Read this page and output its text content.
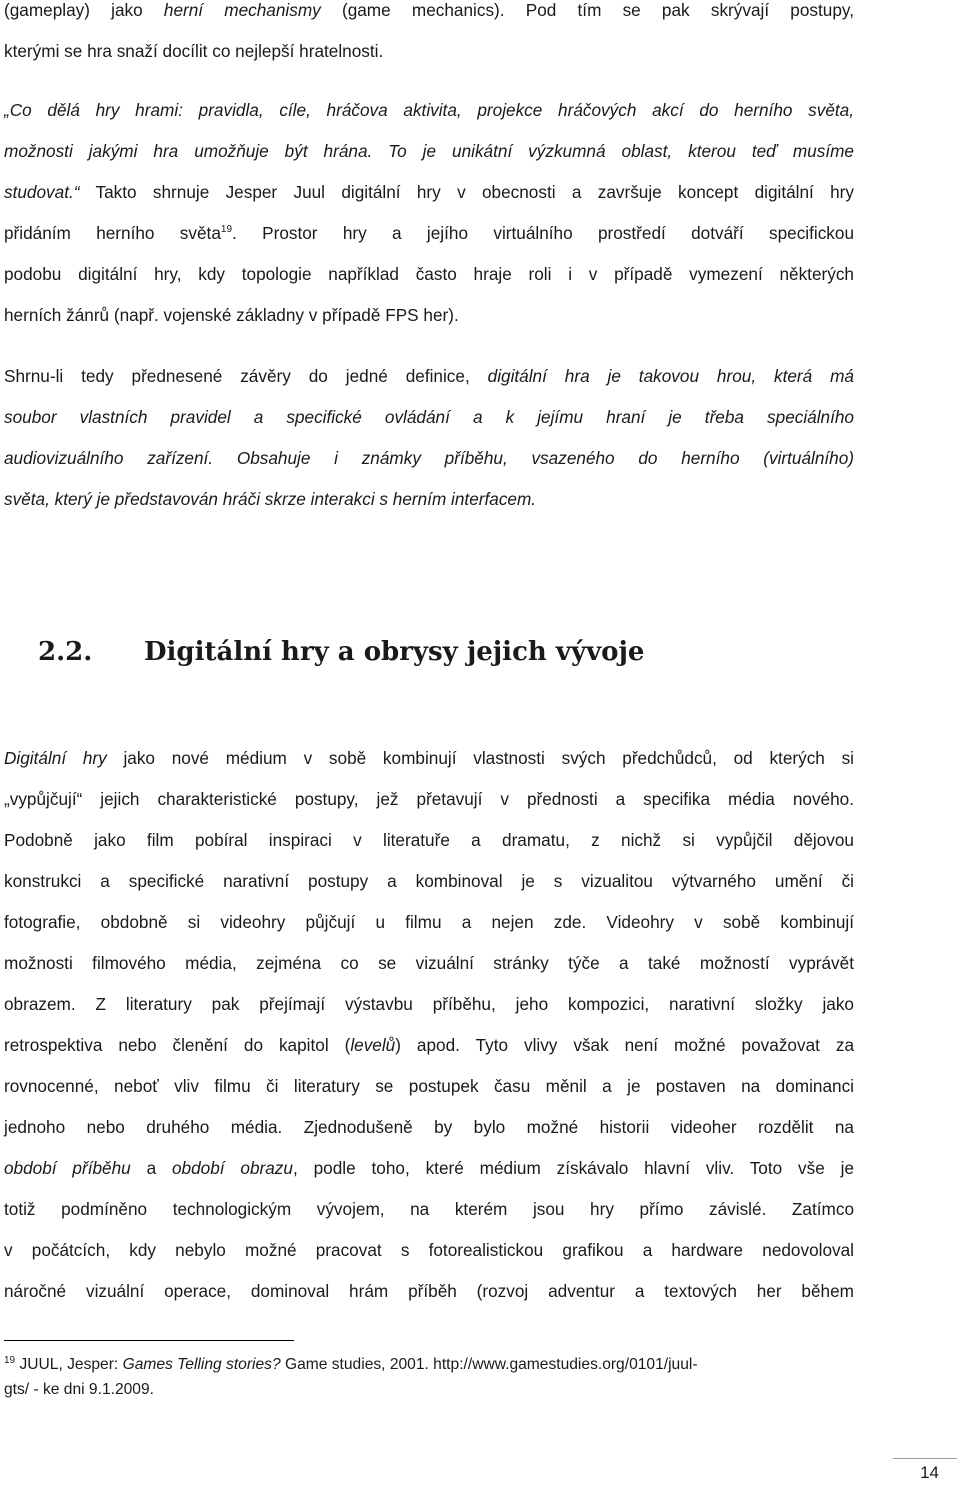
(gameplay) jako herní mechanismy (game mechanics). Pod tím se pak skrývají postupy,
kterými se hra snaží docílit co nejlepší hratelnosti.
„Co dělá hry hrami: pravidla, cíle, hráčova aktivita, projekce hráčových akcí do herního světa,
možnosti jakými hra umožňuje být hrána. To je unikátní výzkumná oblast, kterou teď musíme
studovat.“ Takto shrnuje Jesper Juul digitální hry v obecnosti a završuje koncept digitální hry
přidáním herního světa$^{19}$. Prostor hry a jejího virtuálního prostředí dotváří specifickou
podobu digitální hry, kdy topologie například často hraje roli i v případě vymezení některých
herních žánrů (např. vojenské základny v případě FPS her).
Shrnu-li tedy přednesené závěry do jedné definice, digitální hra je takovou hrou, která má
soubor vlastních pravidel a specifické ovládání a k jejímu hraní je třeba speciálního
audiovizuálního zařízení. Obsahuje i známky příběhu, vsazeného do herního (virtuálního)
světa, který je představován hráči skrze interakci s herním interfacem.
2.2. Digitální hry a obrysy jejich vývoje
Digitální hry jako nové médium v sobě kombinují vlastnosti svých předchůdců, od kterých si
„vypůjčují“ jejich charakteristické postupy, jež přetavují v přednosti a specifika média nového.
Podobně jako film pobíral inspiraci v literatuře a dramatu, z nichž si vypůjčil dějovou
konstrukci a specifické narativní postupy a kombinoval je s vizualitou výtvarného umění či
fotografie, obdobně si videohry půjčují u filmu a nejen zde. Videohry v sobě kombinují
možnosti filmového média, zejména co se vizuální stránky týče a také možností vyprávět
obrazem. Z literatury pak přejímají výstavbu příběhu, jeho kompozici, narativní složky jako
retrospektiva nebo členění do kapitol (levelů) apod. Tyto vlivy však není možné považovat za
rovnocenné, neboť vliv filmu či literatury se postupek času měnil a je postaven na dominanci
jednoho nebo druhého média. Zjednodušeně by bylo možné historii videoher rozdělit na
období příběhu a období obrazu, podle toho, které médium získávalo hlavní vliv. Toto vše je
totiž podmíněno technologickým vývojem, na kterém jsou hry přímo závislé. Zatímco
v počátcích, kdy nebylo možné pracovat s fotorealistickou grafikou a hardware nedovoloval
náročné vizuální operace, dominoval hrám příběh (rozvoj adventur a textových her během

$^{19}$ JUUL, Jesper: Games Telling stories? Game studies, 2001. http://www.gamestudies.org/0101/juul-
gts/ - ke dni 9.1.2009.

14
